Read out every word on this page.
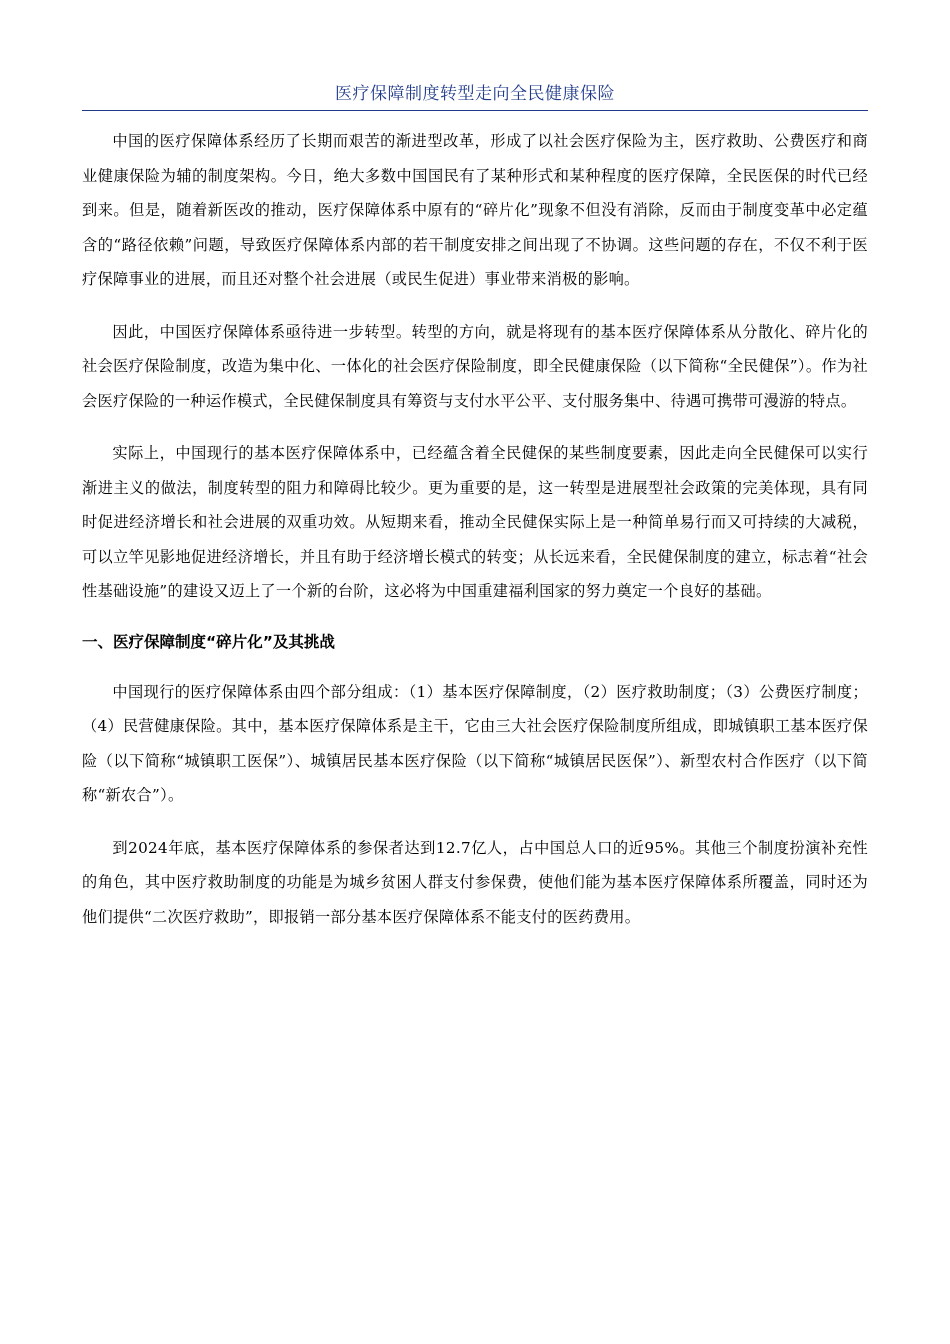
医疗保障制度转型走向全民健康保险

中国的医疗保障体系经历了长期而艰苦的渐进型改革，形成了以社会医疗保险为主，医疗救助、公费医疗和商业健康保险为辅的制度架构。今日，绝大多数中国国民有了某种形式和某种程度的医疗保障，全民医保的时代已经到来。但是，随着新医改的推动，医疗保障体系中原有的“碎片化”现象不但没有消除，反而由于制度变革中必定蕴含的“路径依赖”问题，导致医疗保障体系内部的若干制度安排之间出现了不协调。这些问题的存在，不仅不利于医疗保障事业的进展，而且还对整个社会进展（或民生促进）事业带来消极的影响。

因此，中国医疗保障体系亟待进一步转型。转型的方向，就是将现有的基本医疗保障体系从分散化、碎片化的社会医疗保险制度，改造为集中化、一体化的社会医疗保险制度，即全民健康保险（以下简称“全民健保”）。作为社会医疗保险的一种运作模式，全民健保制度具有筹资与支付水平公平、支付服务集中、待遇可携带可漫游的特点。

实际上，中国现行的基本医疗保障体系中，已经蕴含着全民健保的某些制度要素，因此走向全民健保可以实行渐进主义的做法，制度转型的阻力和障碍比较少。更为重要的是，这一转型是进展型社会政策的完美体现，具有同时促进经济增长和社会进展的双重功效。从短期来看，推动全民健保实际上是一种简单易行而又可持续的大减税，可以立竿见影地促进经济增长，并且有助于经济增长模式的转变；从长远来看，全民健保制度的建立，标志着“社会性基础设施”的建设又迈上了一个新的台阶，这必将为中国重建福利国家的努力奠定一个良好的基础。

一、医疗保障制度“碎片化”及其挑战

中国现行的医疗保障体系由四个部分组成：（1）基本医疗保障制度，（2）医疗救助制度；（3）公费医疗制度；（4）民营健康保险。其中，基本医疗保障体系是主干，它由三大社会医疗保险制度所组成，即城镇职工基本医疗保险（以下简称“城镇职工医保”）、城镇居民基本医疗保险（以下简称“城镇居民医保”）、新型农村合作医疗（以下简称“新农合”）。

到2024年底，基本医疗保障体系的参保者达到12.7亿人，占中国总人口的近95%。其他三个制度扮演补充性的角色，其中医疗救助制度的功能是为城乡贫困人群支付参保费，使他们能为基本医疗保障体系所覆盖，同时还为他们提供“二次医疗救助”，即报销一部分基本医疗保障体系不能支付的医药费用。
